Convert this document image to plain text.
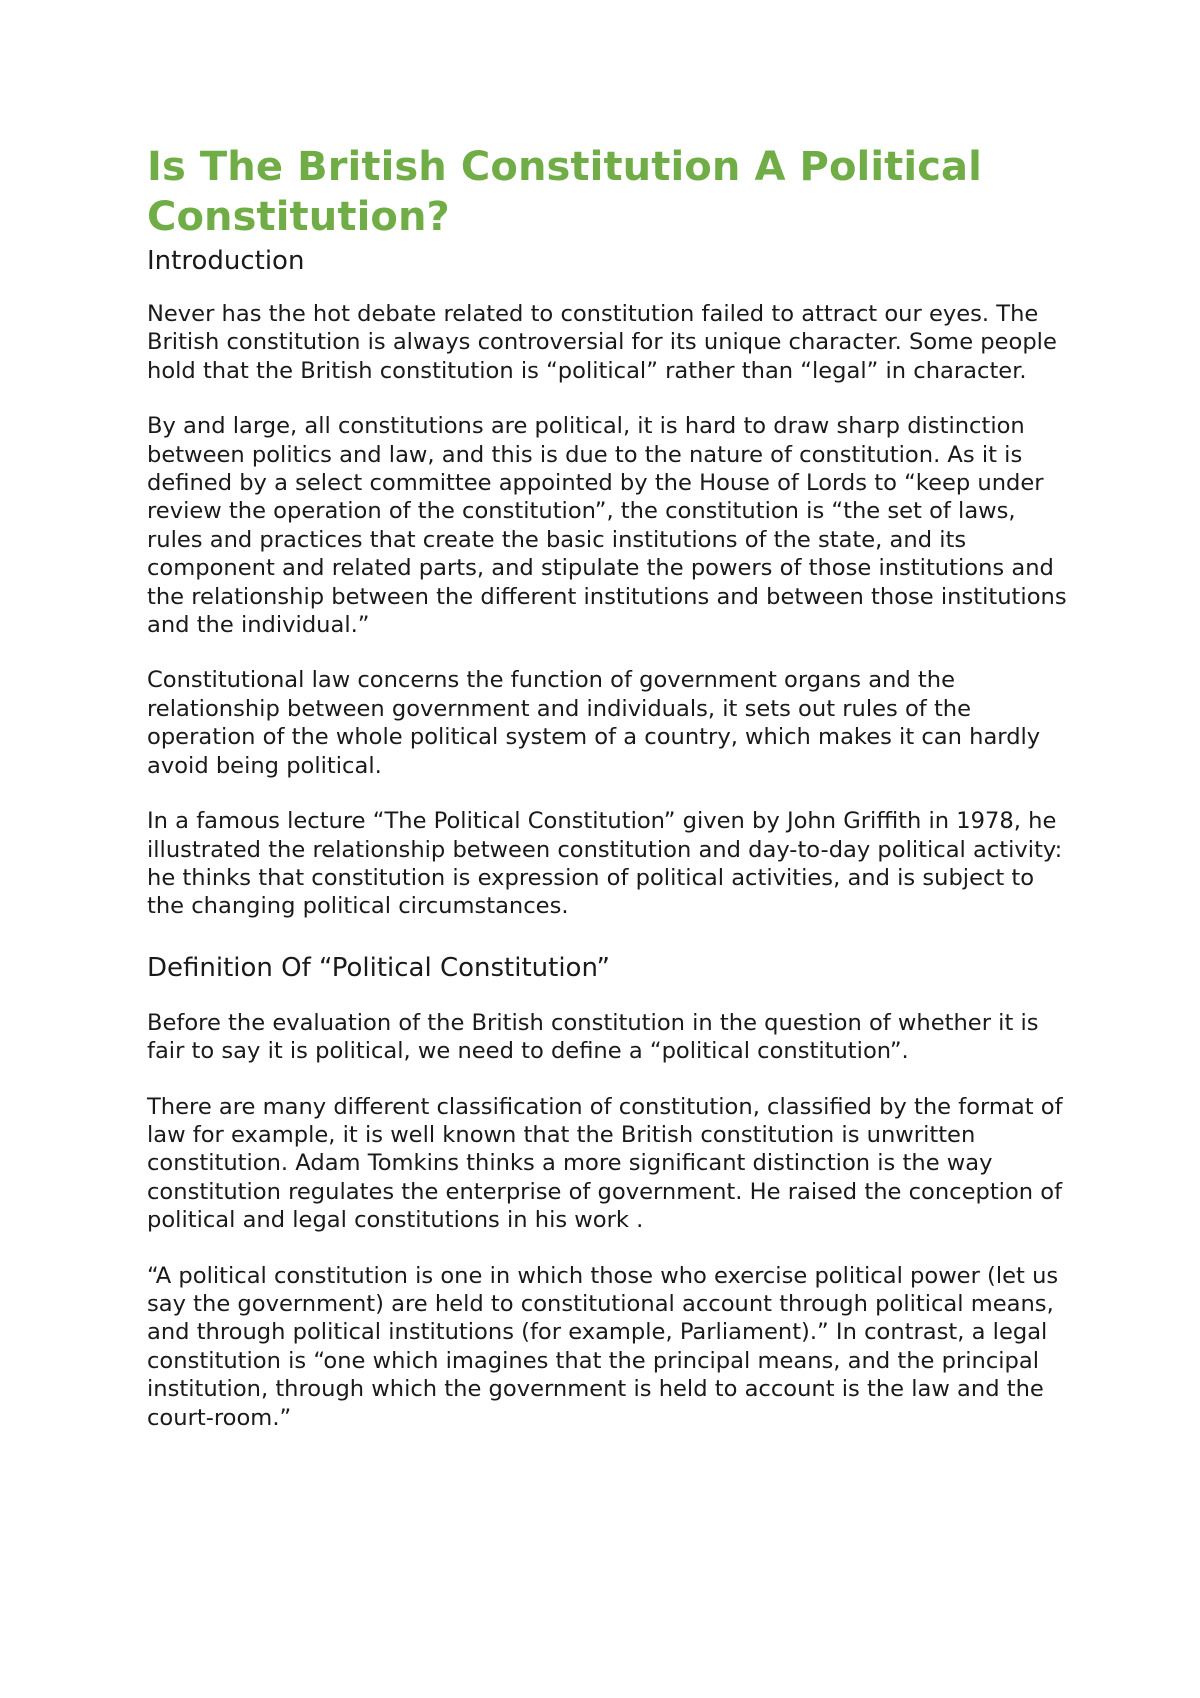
Is The British Constitution A Political Constitution?
Introduction

Never has the hot debate related to constitution failed to attract our eyes. The British constitution is always controversial for its unique character. Some people hold that the British constitution is “political” rather than “legal” in character.

By and large, all constitutions are political, it is hard to draw sharp distinction between politics and law, and this is due to the nature of constitution. As it is defined by a select committee appointed by the House of Lords to “keep under review the operation of the constitution”, the constitution is “the set of laws, rules and practices that create the basic institutions of the state, and its component and related parts, and stipulate the powers of those institutions and the relationship between the different institutions and between those institutions and the individual.”

Constitutional law concerns the function of government organs and the relationship between government and individuals, it sets out rules of the operation of the whole political system of a country, which makes it can hardly avoid being political.

In a famous lecture “The Political Constitution” given by John Griffith in 1978, he illustrated the relationship between constitution and day-to-day political activity: he thinks that constitution is expression of political activities, and is subject to the changing political circumstances.

Definition Of “Political Constitution”

Before the evaluation of the British constitution in the question of whether it is fair to say it is political, we need to define a “political constitution”.

There are many different classification of constitution, classified by the format of law for example, it is well known that the British constitution is unwritten constitution. Adam Tomkins thinks a more significant distinction is the way constitution regulates the enterprise of government. He raised the conception of political and legal constitutions in his work .

“A political constitution is one in which those who exercise political power (let us say the government) are held to constitutional account through political means, and through political institutions (for example, Parliament).” In contrast, a legal constitution is “one which imagines that the principal means, and the principal institution, through which the government is held to account is the law and the court-room.”
